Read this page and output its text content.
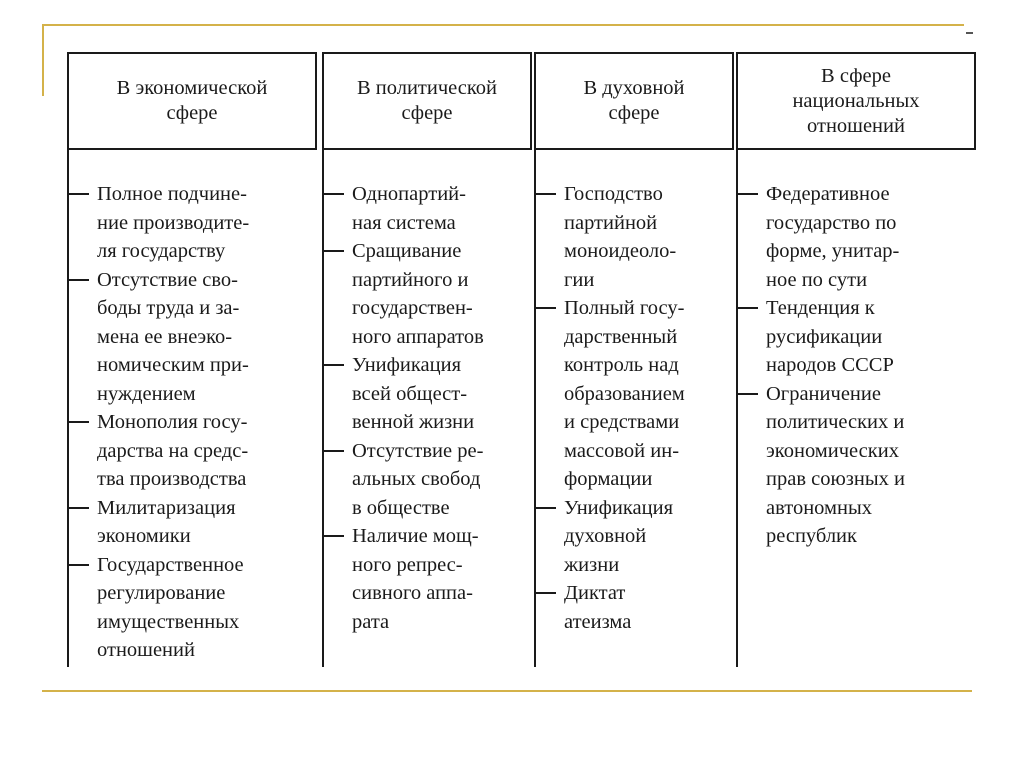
В экономической
сфере
Полное подчине-
ние производите-
ля государству
Отсутствие сво-
боды труда и за-
мена ее внеэко-
номическим при-
нуждением
Монополия госу-
дарства на средс-
тва производства
Милитаризация
экономики
Государственное
регулирование
имущественных
отношений
В политической
сфере
Однопартий-
ная система
Сращивание
партийного и
государствен-
ного аппаратов
Унификация
всей общест-
венной жизни
Отсутствие ре-
альных свобод
в обществе
Наличие мощ-
ного репрес-
сивного аппа-
рата
В духовной
сфере
Господство
партийной
моноидеоло-
гии
Полный госу-
дарственный
контроль над
образованием
и средствами
массовой ин-
формации
Унификация
духовной
жизни
Диктат
атеизма
В сфере
национальных
отношений
Федеративное
государство по
форме, унитар-
ное по сути
Тенденция к
русификации
народов СССР
Ограничение
политических и
экономических
прав союзных и
автономных
республик
